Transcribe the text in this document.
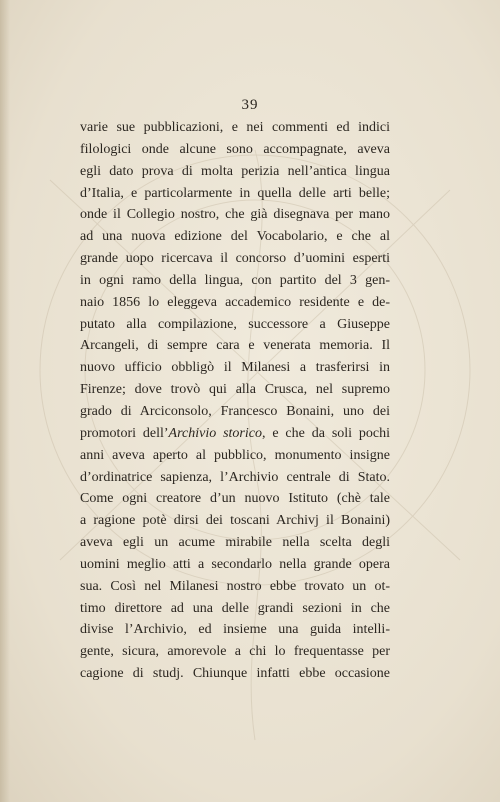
39
varie sue pubblicazioni, e nei commenti ed indici
filologici onde alcune sono accompagnate, aveva
egli dato prova di molta perizia nell’antica lingua
d’Italia, e particolarmente in quella delle arti belle;
onde il Collegio nostro, che già disegnava per mano
ad una nuova edizione del Vocabolario, e che al
grande uopo ricercava il concorso d’uomini esperti
in ogni ramo della lingua, con partito del 3 gen-
naio 1856 lo eleggeva accademico residente e de-
putato alla compilazione, successore a Giuseppe
Arcangeli, di sempre cara e venerata memoria. Il
nuovo ufficio obbligò il Milanesi a trasferirsi in
Firenze; dove trovò qui alla Crusca, nel supremo
grado di Arciconsolo, Francesco Bonaini, uno dei
promotori dell’Archivio storico, e che da soli pochi
anni aveva aperto al pubblico, monumento insigne
d’ordinatrice sapienza, l’Archivio centrale di Stato.
Come ogni creatore d’un nuovo Istituto (chè tale
a ragione potè dirsi dei toscani Archivj il Bonaini)
aveva egli un acume mirabile nella scelta degli
uomini meglio atti a secondarlo nella grande opera
sua. Così nel Milanesi nostro ebbe trovato un ot-
timo direttore ad una delle grandi sezioni in che
divise l’Archivio, ed insieme una guida intelli-
gente, sicura, amorevole a chi lo frequentasse per
cagione di studj. Chiunque infatti ebbe occasione
